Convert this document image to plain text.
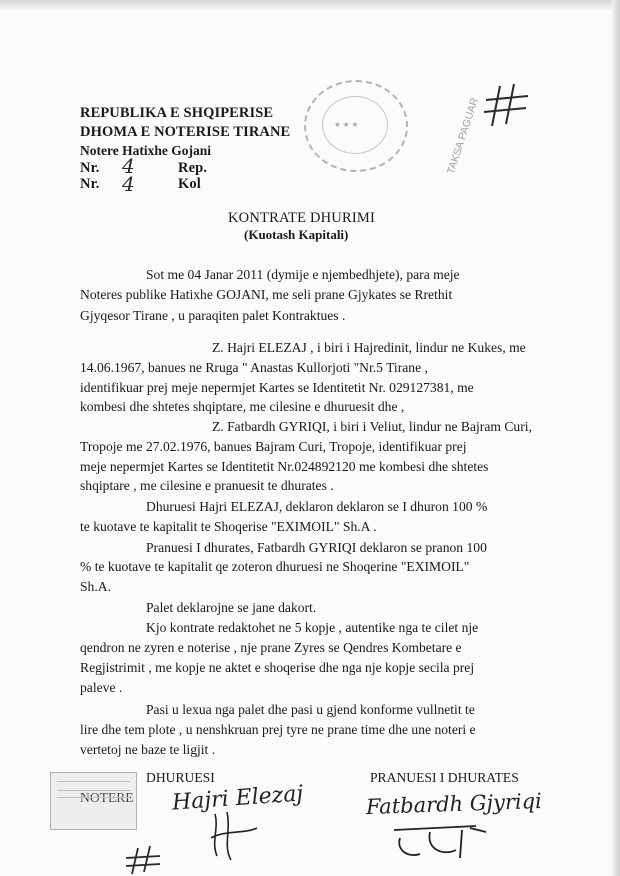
REPUBLIKA E SHQIPERISE
DHOMA E NOTERISE TIRANE
Notere Hatixhe Gojani
Nr. 4	Rep.
Nr. 4	Kol
★ ★ ★	TAKSA PAGUAR
KONTRATE DHURIMI
(Kuotash Kapitali)
Sot me 04 Janar 2011 (dymije e njembedhjete), para meje
Noteres publike Hatixhe GOJANI, me seli prane Gjykates se Rrethit
Gjyqesor Tirane , u paraqiten palet Kontraktues .
Z. Hajri ELEZAJ , i biri i Hajredinit, lindur ne Kukes, me
14.06.1967, banues ne Rruga " Anastas Kullorjoti "Nr.5 Tirane ,
identifikuar prej meje nepermjet Kartes se Identitetit Nr. 029127381, me
kombesi dhe shtetes shqiptare, me cilesine e dhuruesit dhe ,
Z. Fatbardh GYRIQI, i biri i Veliut, lindur ne Bajram Curi,
Tropoje me 27.02.1976, banues Bajram Curi, Tropoje, identifikuar prej
meje nepermjet Kartes se Identitetit Nr.024892120 me kombesi dhe shtetes
shqiptare , me cilesine e pranuesit te dhurates .
Dhuruesi Hajri ELEZAJ, deklaron deklaron se I dhuron 100 %
te kuotave te kapitalit te Shoqerise "EXIMOIL" Sh.A .
Pranuesi I dhurates, Fatbardh GYRIQI deklaron se pranon 100
% te kuotave te kapitalit qe zoteron dhuruesi ne Shoqerine "EXIMOIL"
Sh.A.
Palet deklarojne se jane dakort.
Kjo kontrate redaktohet ne 5 kopje , autentike nga te cilet nje
qendron ne zyren e noterise , nje prane Zyres se Qendres Kombetare e
Regjistrimit , me kopje ne aktet e shoqerise dhe nga nje kopje secila prej
paleve .
Pasi u lexua nga palet dhe pasi u gjend konforme vullnetit te
lire dhe tem plote , u nenshkruan prej tyre ne prane time dhe une noteri e
vertetoj ne baze te ligjit .
DHURUESI
NOTERE
PRANUESI I DHURATES
Hajri Elezaj	Fatbardh Gjyriqi
